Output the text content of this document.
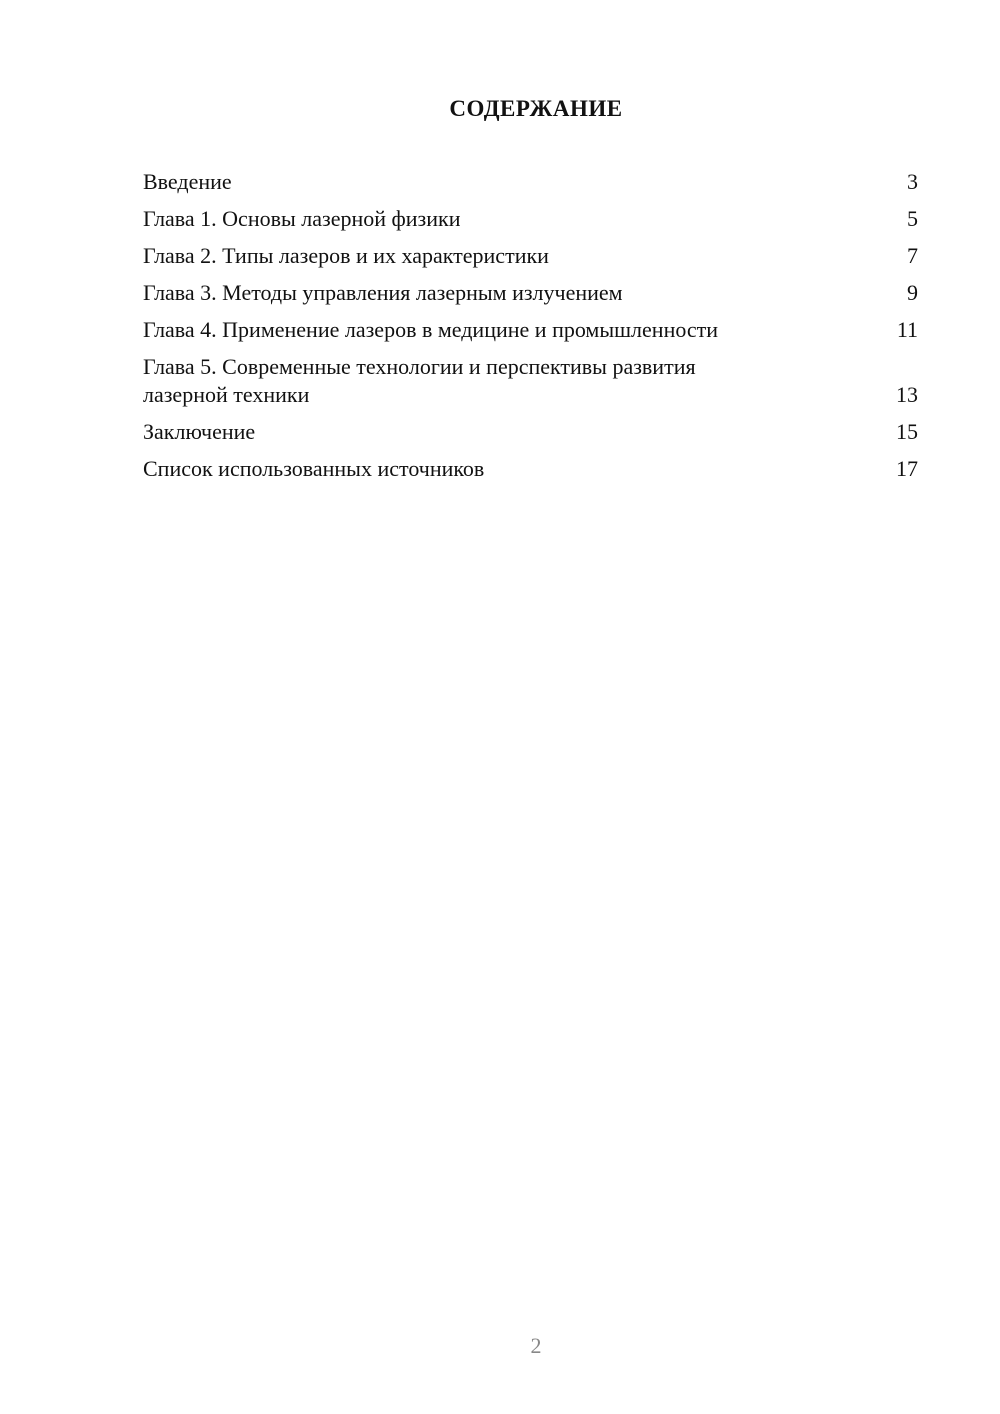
СОДЕРЖАНИЕ
Введение	3
Глава 1. Основы лазерной физики	5
Глава 2. Типы лазеров и их характеристики	7
Глава 3. Методы управления лазерным излучением	9
Глава 4. Применение лазеров в медицине и промышленности	11
Глава 5. Современные технологии и перспективы развития лазерной техники	13
Заключение	15
Список использованных источников	17
2
